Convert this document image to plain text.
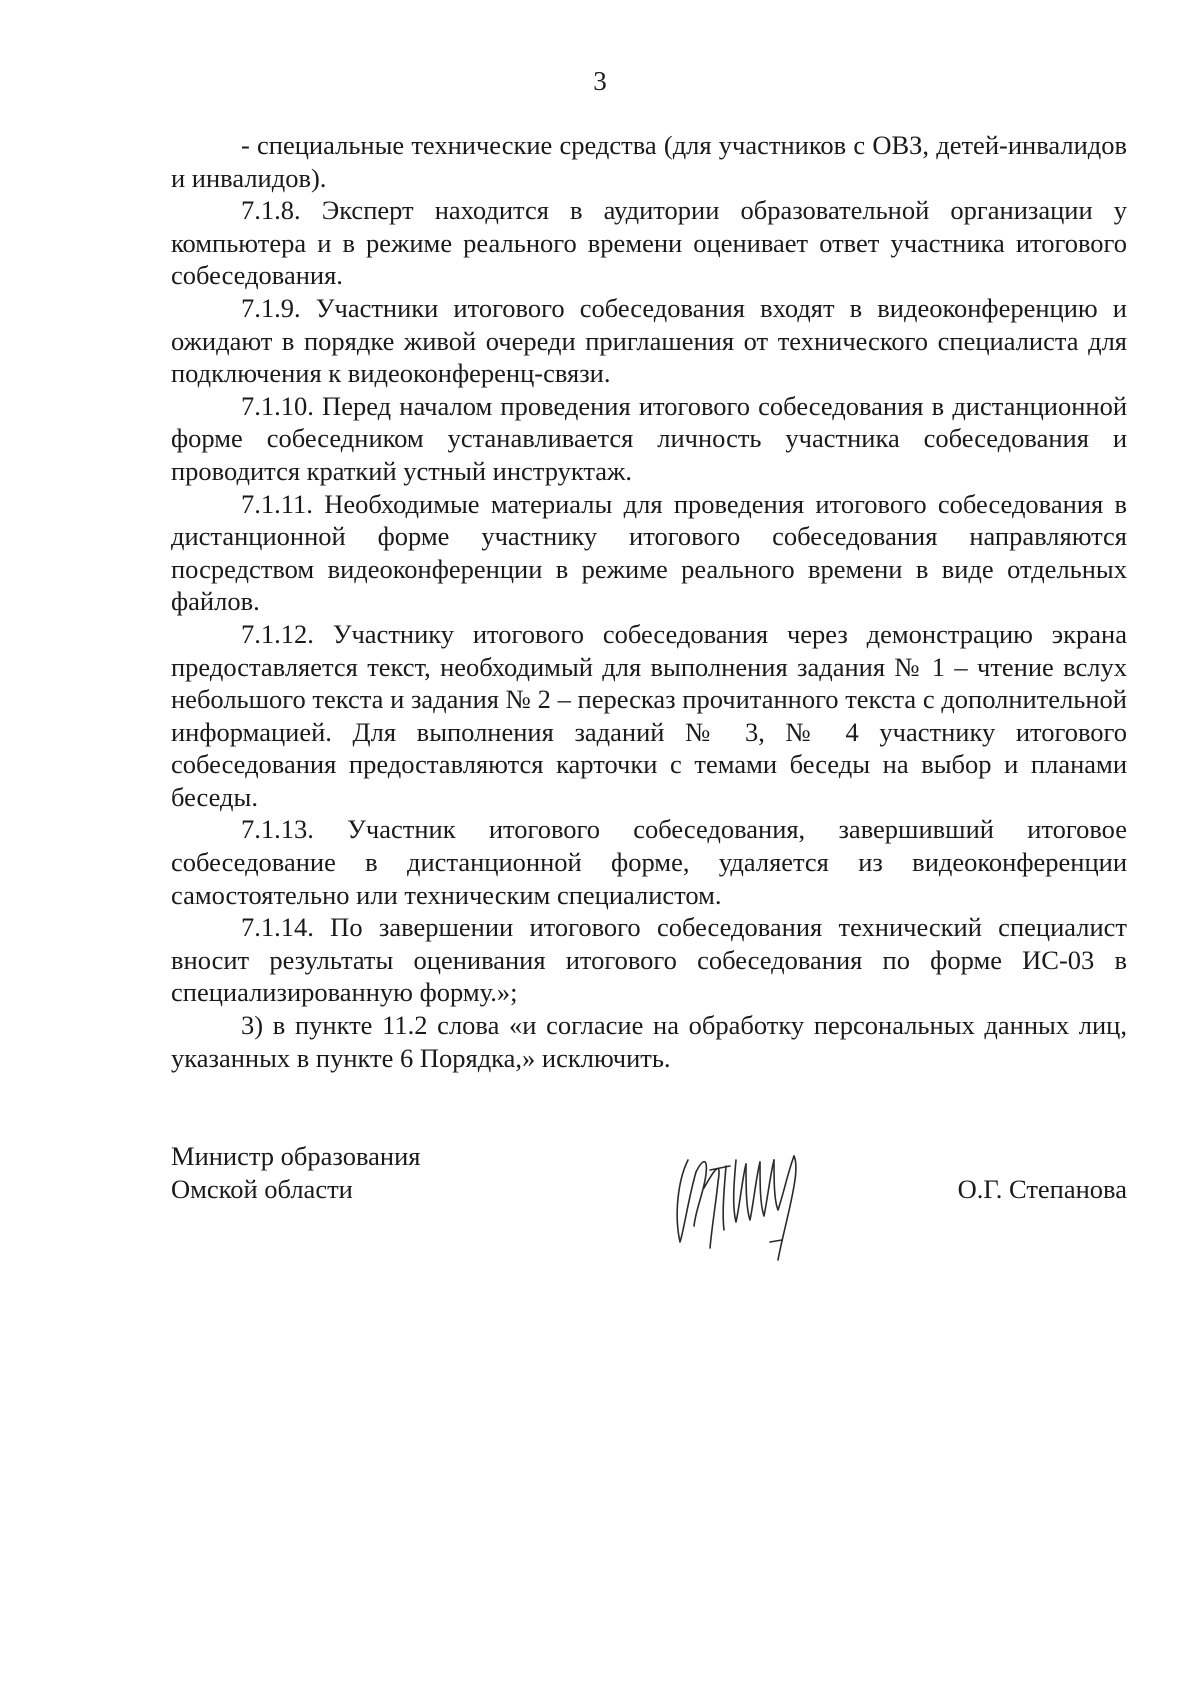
3

- специальные технические средства (для участников с ОВЗ, детей-инвалидов и инвалидов).

7.1.8. Эксперт находится в аудитории образовательной организации у компьютера и в режиме реального времени оценивает ответ участника итогового собеседования.

7.1.9. Участники итогового собеседования входят в видеоконференцию и ожидают в порядке живой очереди приглашения от технического специалиста для подключения к видеоконференц-связи.

7.1.10. Перед началом проведения итогового собеседования в дистанционной форме собеседником устанавливается личность участника собеседования и проводится краткий устный инструктаж.

7.1.11. Необходимые материалы для проведения итогового собеседования в дистанционной форме участнику итогового собеседования направляются посредством видеоконференции в режиме реального времени в виде отдельных файлов.

7.1.12. Участнику итогового собеседования через демонстрацию экрана предоставляется текст, необходимый для выполнения задания № 1 – чтение вслух небольшого текста и задания № 2 – пересказ прочитанного текста с дополнительной информацией. Для выполнения заданий № 3, № 4 участнику итогового собеседования предоставляются карточки с темами беседы на выбор и планами беседы.

7.1.13. Участник итогового собеседования, завершивший итоговое собеседование в дистанционной форме, удаляется из видеоконференции самостоятельно или техническим специалистом.

7.1.14. По завершении итогового собеседования технический специалист вносит результаты оценивания итогового собеседования по форме ИС-03 в специализированную форму.»;

3) в пункте 11.2 слова «и согласие на обработку персональных данных лиц, указанных в пункте 6 Порядка,» исключить.

Министр образования
Омской области	О.Г. Степанова
